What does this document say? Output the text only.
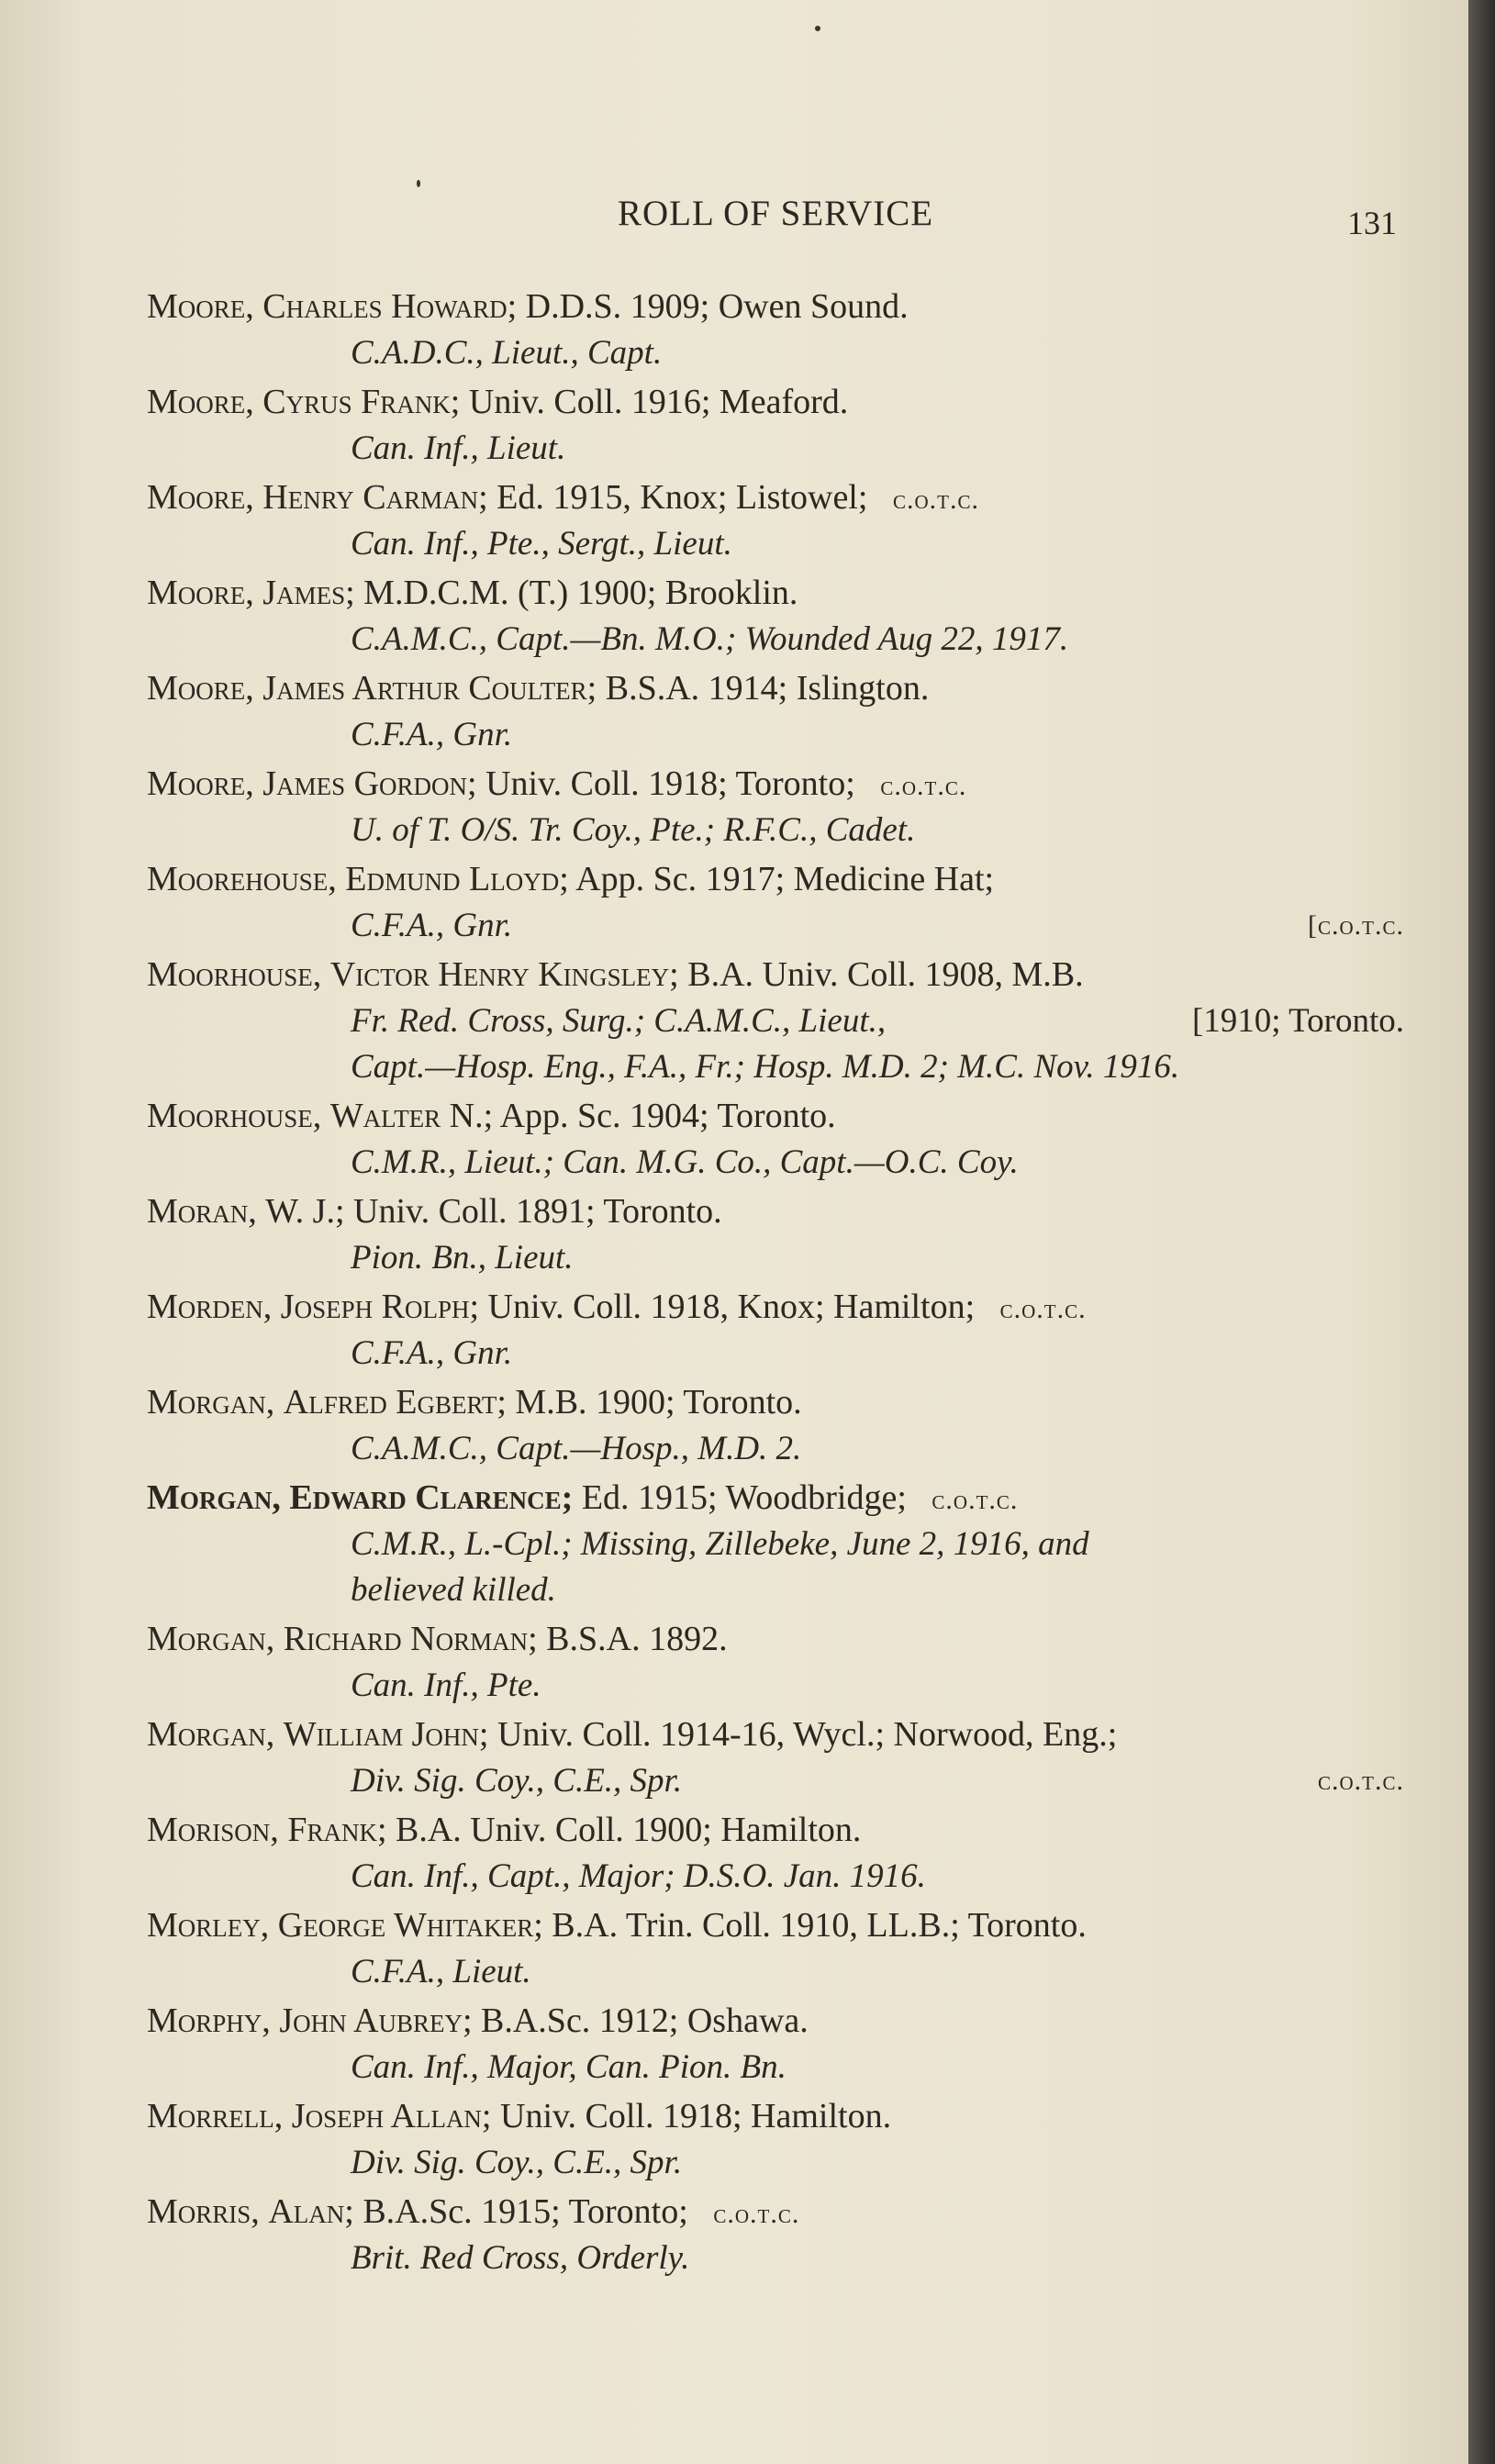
ROLL OF SERVICE	131
Moore, Charles Howard; D.D.S. 1909; Owen Sound.
C.A.D.C., Lieut., Capt.
Moore, Cyrus Frank; Univ. Coll. 1916; Meaford.
Can. Inf., Lieut.
Moore, Henry Carman; Ed. 1915, Knox; Listowel; c.o.t.c.
Can. Inf., Pte., Sergt., Lieut.
Moore, James; M.D.C.M. (T.) 1900; Brooklin.
C.A.M.C., Capt.—Bn. M.O.; Wounded Aug 22, 1917.
Moore, James Arthur Coulter; B.S.A. 1914; Islington.
C.F.A., Gnr.
Moore, James Gordon; Univ. Coll. 1918; Toronto; c.o.t.c.
U. of T. O/S. Tr. Coy., Pte.; R.F.C., Cadet.
Moorehouse, Edmund Lloyd; App. Sc. 1917; Medicine Hat;
C.F.A., Gnr.	[c.o.t.c.
Moorhouse, Victor Henry Kingsley; B.A. Univ. Coll. 1908, M.B.
Fr. Red. Cross, Surg.; C.A.M.C., Lieut.,	[1910; Toronto.
Capt.—Hosp. Eng., F.A., Fr.; Hosp. M.D. 2; M.C. Nov. 1916.
Moorhouse, Walter N.; App. Sc. 1904; Toronto.
C.M.R., Lieut.; Can. M.G. Co., Capt.—O.C. Coy.
Moran, W. J.; Univ. Coll. 1891; Toronto.
Pion. Bn., Lieut.
Morden, Joseph Rolph; Univ. Coll. 1918, Knox; Hamilton; c.o.t.c.
C.F.A., Gnr.
Morgan, Alfred Egbert; M.B. 1900; Toronto.
C.A.M.C., Capt.—Hosp., M.D. 2.
Morgan, Edward Clarence; Ed. 1915; Woodbridge; c.o.t.c.
C.M.R., L.-Cpl.; Missing, Zillebeke, June 2, 1916, and
believed killed.
Morgan, Richard Norman; B.S.A. 1892.
Can. Inf., Pte.
Morgan, William John; Univ. Coll. 1914-16, Wycl.; Norwood, Eng.;
Div. Sig. Coy., C.E., Spr.	c.o.t.c.
Morison, Frank; B.A. Univ. Coll. 1900; Hamilton.
Can. Inf., Capt., Major; D.S.O. Jan. 1916.
Morley, George Whitaker; B.A. Trin. Coll. 1910, LL.B.; Toronto.
C.F.A., Lieut.
Morphy, John Aubrey; B.A.Sc. 1912; Oshawa.
Can. Inf., Major, Can. Pion. Bn.
Morrell, Joseph Allan; Univ. Coll. 1918; Hamilton.
Div. Sig. Coy., C.E., Spr.
Morris, Alan; B.A.Sc. 1915; Toronto; c.o.t.c.
Brit. Red Cross, Orderly.
